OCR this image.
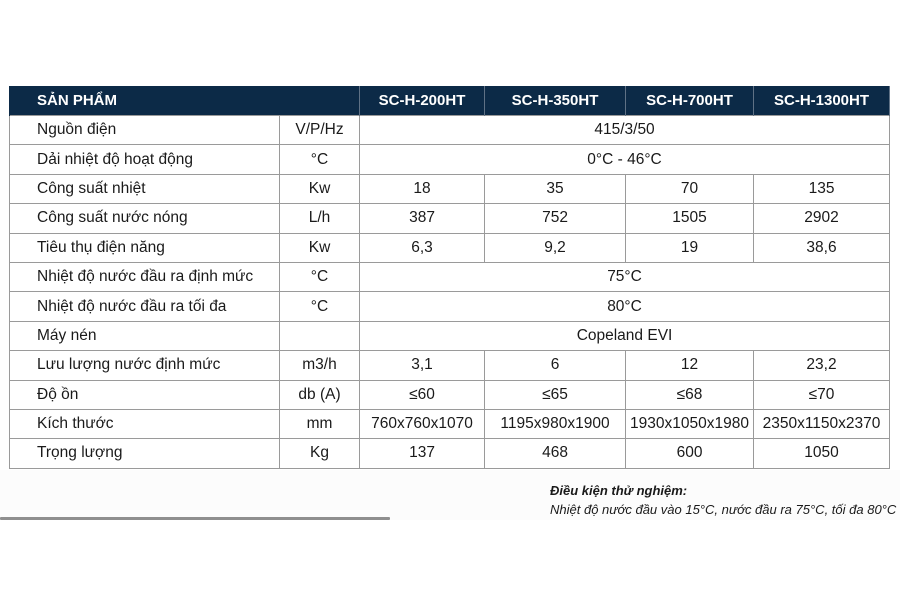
SẢN PHẨM		SC-H-200HT	SC-H-350HT	SC-H-700HT	SC-H-1300HT
Nguồn điện	V/P/Hz	415/3/50			
Dải nhiệt độ hoạt động	°C	0°C - 46°C			
Công suất nhiệt	Kw	18	35	70	135
Công suất nước nóng	L/h	387	752	1505	2902
Tiêu thụ điện năng	Kw	6,3	9,2	19	38,6
Nhiệt độ nước đầu ra định mức	°C	75°C			
Nhiệt độ nước đầu ra tối đa	°C	80°C			
Máy nén		Copeland EVI			
Lưu lượng nước định mức	m3/h	3,1	6	12	23,2
Độ ồn	db (A)	≤60	≤65	≤68	≤70
Kích thước	mm	760x760x1070	1195x980x1900	1930x1050x1980	2350x1150x2370
Trọng lượng	Kg	137	468	600	1050
Điều kiện thử nghiệm:
Nhiệt độ nước đầu vào 15°C, nước đầu ra 75°C, tối đa 80°C
